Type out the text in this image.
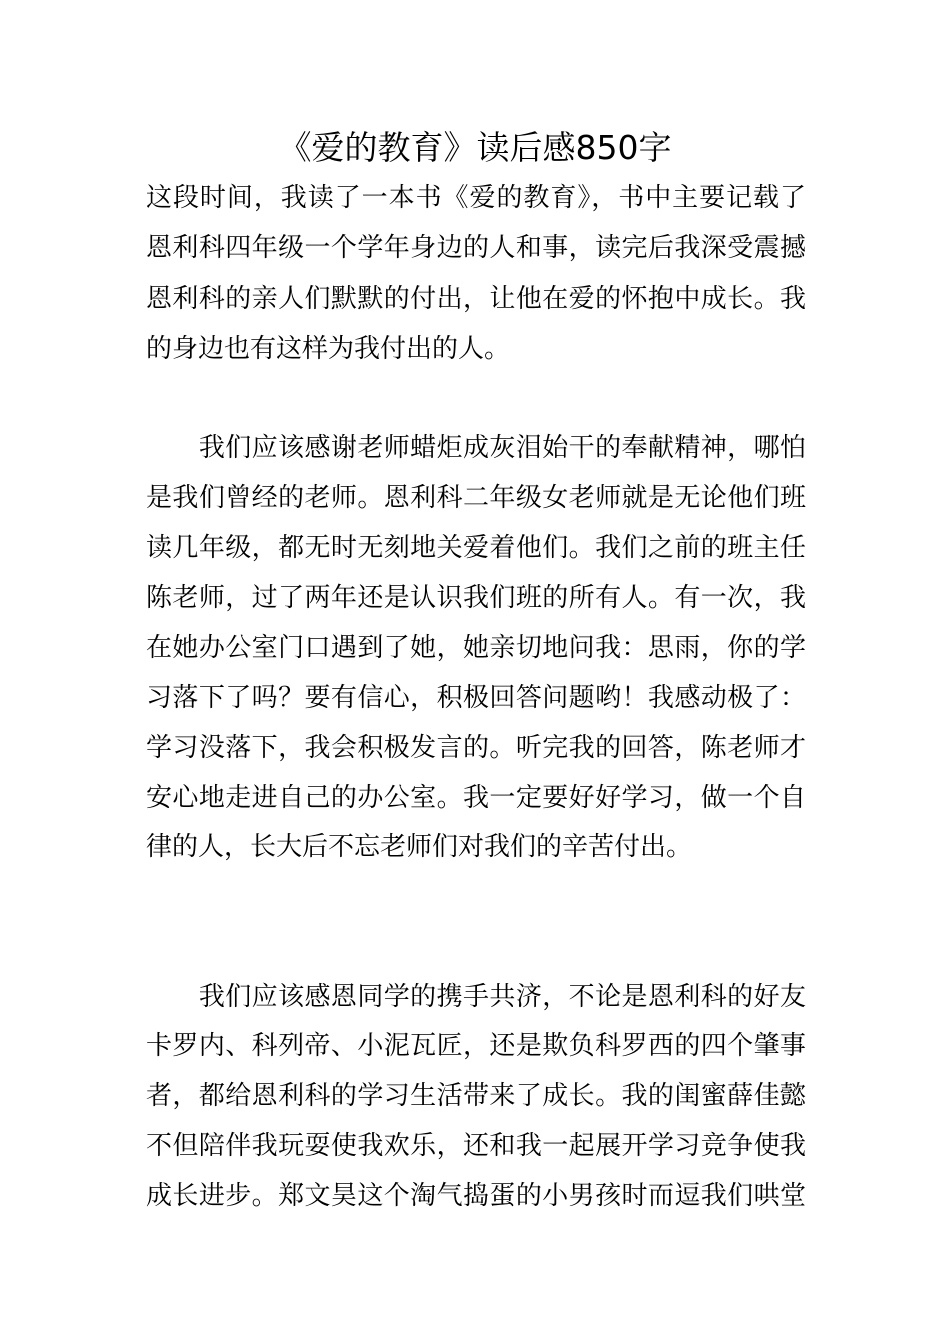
《爱的教育》读后感850字
这段时间，我读了一本书《爱的教育》，书中主要记载了
恩利科四年级一个学年身边的人和事，读完后我深受震撼
恩利科的亲人们默默的付出，让他在爱的怀抱中成长。我
的身边也有这样为我付出的人。
　　我们应该感谢老师蜡炬成灰泪始干的奉献精神，哪怕
是我们曾经的老师。恩利科二年级女老师就是无论他们班
读几年级，都无时无刻地关爱着他们。我们之前的班主任
陈老师，过了两年还是认识我们班的所有人。有一次，我
在她办公室门口遇到了她，她亲切地问我：思雨，你的学
习落下了吗？要有信心，积极回答问题哟！我感动极了：
学习没落下，我会积极发言的。听完我的回答，陈老师才
安心地走进自己的办公室。我一定要好好学习，做一个自
律的人，长大后不忘老师们对我们的辛苦付出。
　　我们应该感恩同学的携手共济，不论是恩利科的好友
卡罗内、科列帝、小泥瓦匠，还是欺负科罗西的四个肇事
者，都给恩利科的学习生活带来了成长。我的闺蜜薛佳懿
不但陪伴我玩耍使我欢乐，还和我一起展开学习竞争使我
成长进步。郑文昊这个淘气捣蛋的小男孩时而逗我们哄堂
